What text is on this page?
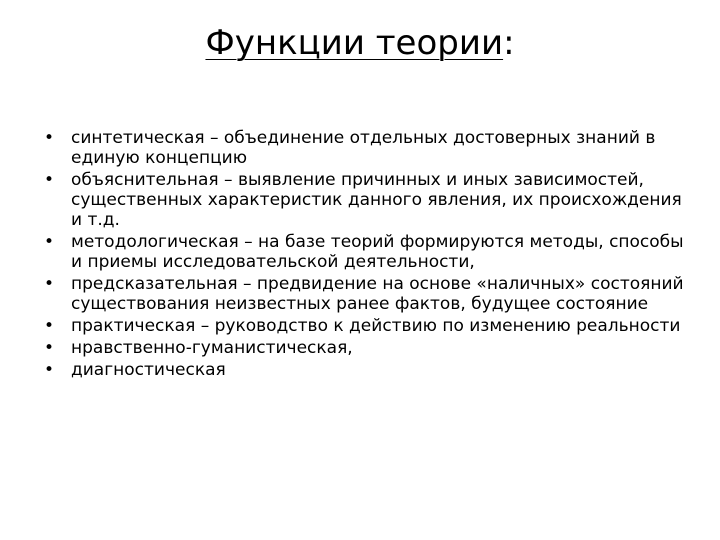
Функции теории:
• синтетическая – объединение отдельных достоверных знаний в единую концепцию
• объяснительная – выявление причинных и иных зависимостей, существенных характеристик данного явления, их происхождения и т.д.
• методологическая – на базе теорий формируются методы, способы и приемы исследовательской деятельности,
• предсказательная – предвидение на основе «наличных» состояний существования неизвестных ранее фактов, будущее состояние
• практическая – руководство к действию по изменению реальности
• нравственно-гуманистическая,
• диагностическая
